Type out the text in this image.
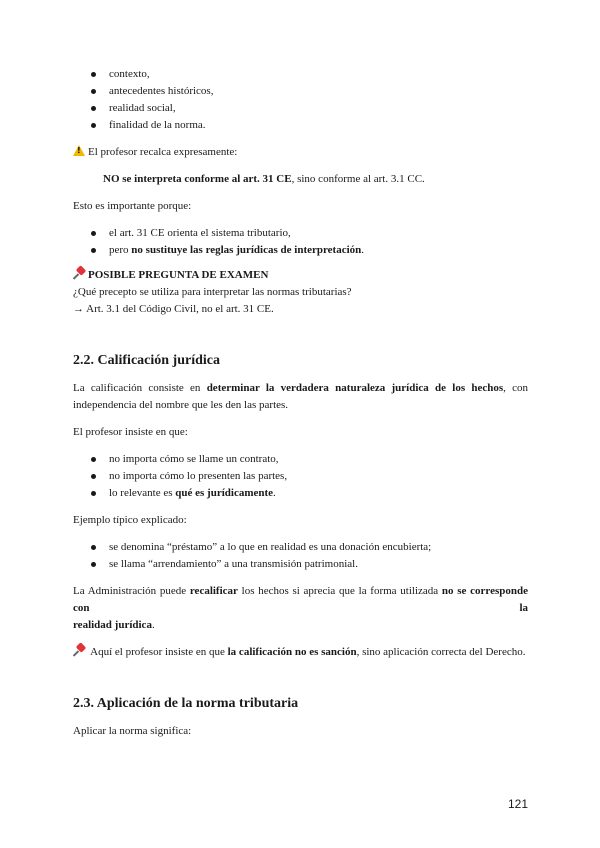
contexto,
antecedentes históricos,
realidad social,
finalidad de la norma.

!El profesor recalca expresamente:

NO se interpreta conforme al art. 31 CE, sino conforme al art. 3.1 CC.

Esto es importante porque:

el art. 31 CE orienta el sistema tributario,
pero no sustituye las reglas jurídicas de interpretación.

POSIBLE PREGUNTA DE EXAMEN

¿Qué precepto se utiliza para interpretar las normas tributarias?

→ Art. 3.1 del Código Civil, no el art. 31 CE.

2.2. Calificación jurídica

La calificación consiste en determinar la verdadera naturaleza jurídica de los hechos, con

independencia del nombre que les den las partes.

El profesor insiste en que:

no importa cómo se llame un contrato,
no importa cómo lo presenten las partes,
lo relevante es qué es jurídicamente.

Ejemplo típico explicado:

se denomina “préstamo” a lo que en realidad es una donación encubierta;
se llama “arrendamiento” a una transmisión patrimonial.

La Administración puede recalificar los hechos si aprecia que la forma utilizada no se corresponde con la

realidad jurídica.

Aquí el profesor insiste en que la calificación no es sanción, sino aplicación correcta del Derecho.

2.3. Aplicación de la norma tributaria

Aplicar la norma significa:

121
